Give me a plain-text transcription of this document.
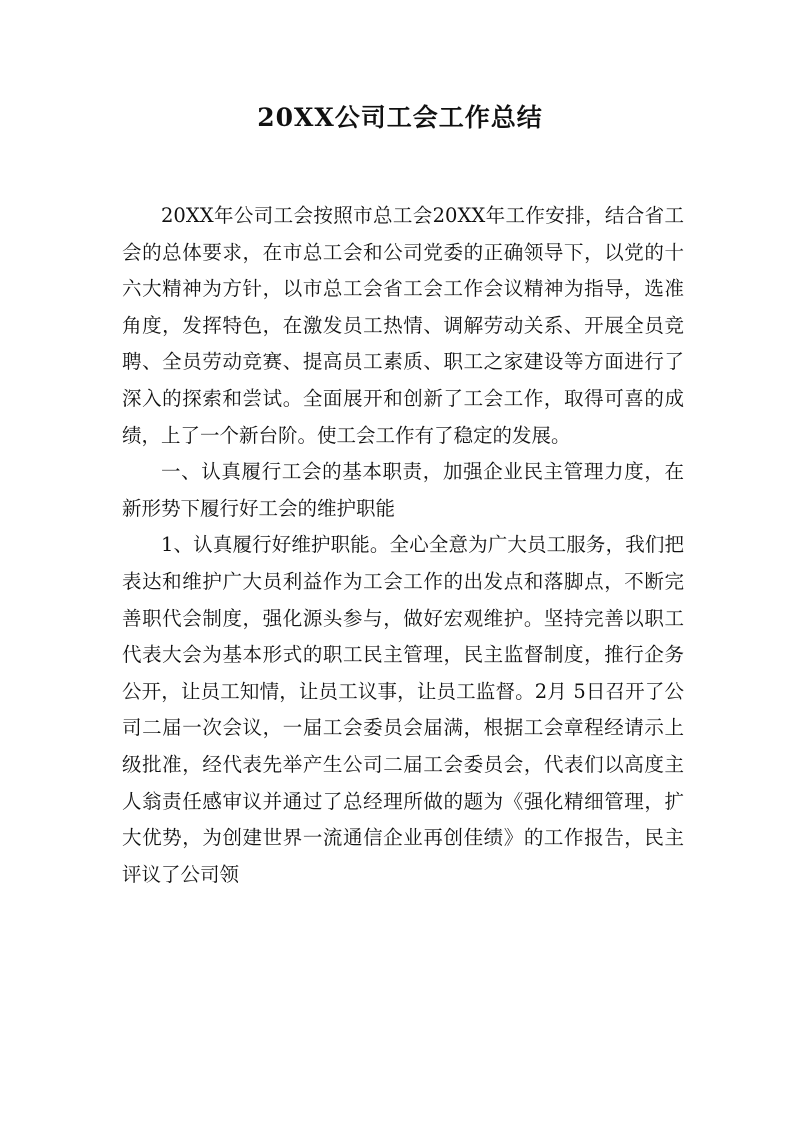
20XX公司工会工作总结

20XX年公司工会按照市总工会20XX年工作安排，结合省工会的总体要求，在市总工会和公司党委的正确领导下，以党的十六大精神为方针，以市总工会省工会工作会议精神为指导，选准角度，发挥特色，在激发员工热情、调解劳动关系、开展全员竞聘、全员劳动竞赛、提高员工素质、职工之家建设等方面进行了深入的探索和尝试。全面展开和创新了工会工作，取得可喜的成绩，上了一个新台阶。使工会工作有了稳定的发展。

一、认真履行工会的基本职责，加强企业民主管理力度，在新形势下履行好工会的维护职能

1、认真履行好维护职能。全心全意为广大员工服务，我们把表达和维护广大员利益作为工会工作的出发点和落脚点，不断完善职代会制度，强化源头参与，做好宏观维护。坚持完善以职工代表大会为基本形式的职工民主管理，民主监督制度，推行企务公开，让员工知情，让员工议事，让员工监督。2月 5日召开了公司二届一次会议，一届工会委员会届满，根据工会章程经请示上级批准，经代表先举产生公司二届工会委员会，代表们以高度主人翁责任感审议并通过了总经理所做的题为《强化精细管理，扩大优势，为创建世界一流通信企业再创佳绩》的工作报告，民主评议了公司领
